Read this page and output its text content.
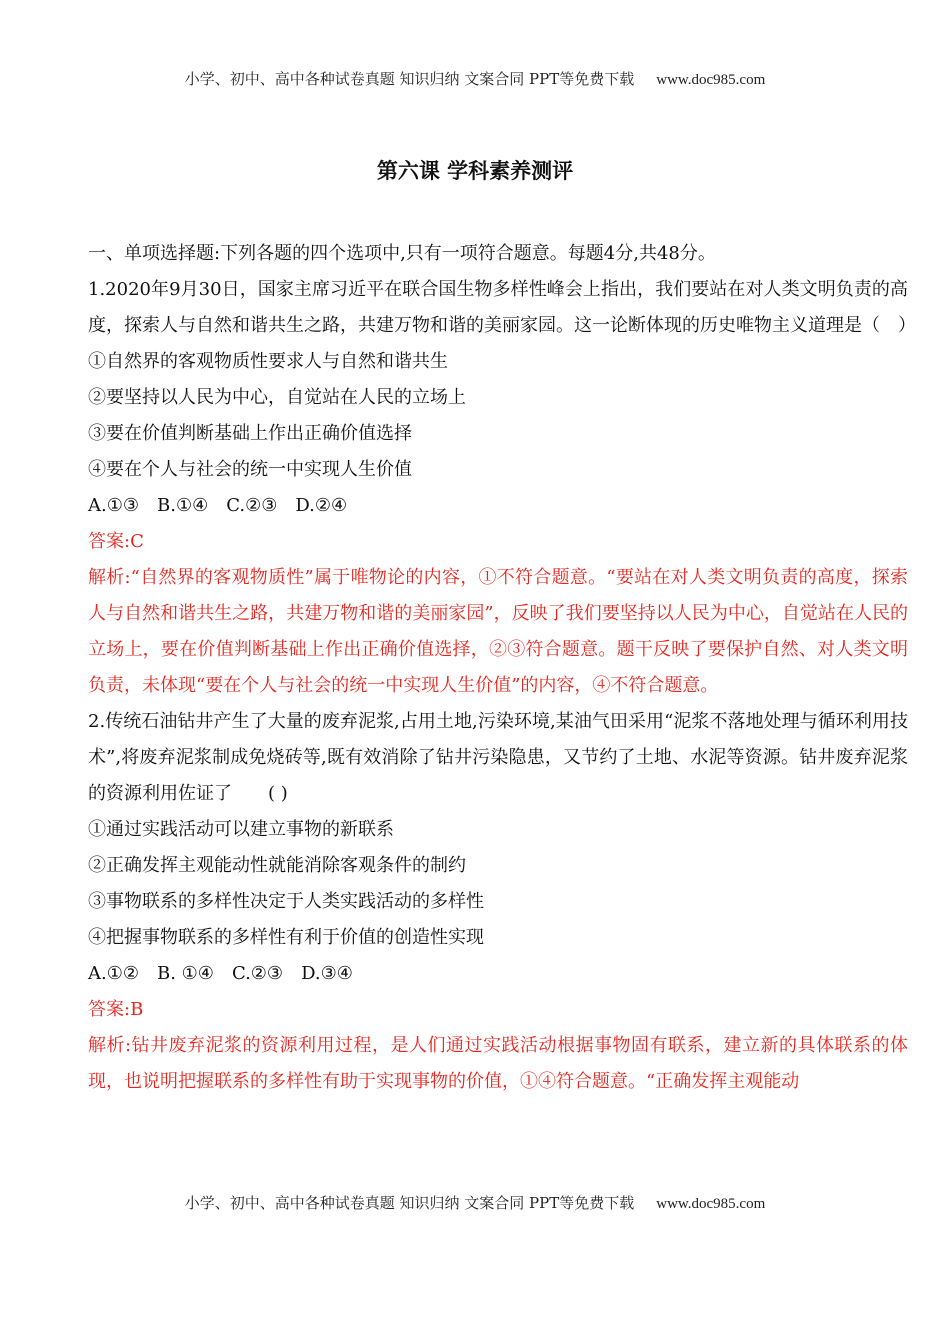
小学、初中、高中各种试卷真题 知识归纳 文案合同 PPT等免费下载 www.doc985.com
第六课 学科素养测评

一、单项选择题:下列各题的四个选项中,只有一项符合题意。每题4分,共48分。

1.2020年9月30日，国家主席习近平在联合国生物多样性峰会上指出，我们要站在对人类文明负责的高度，探索人与自然和谐共生之路，共建万物和谐的美丽家园。这一论断体现的历史唯物主义道理是（　）

①自然界的客观物质性要求人与自然和谐共生

②要坚持以人民为中心，自觉站在人民的立场上

③要在价值判断基础上作出正确价值选择

④要在个人与社会的统一中实现人生价值

A.①③　B.①④　C.②③　D.②④

答案:C

解析:“自然界的客观物质性”属于唯物论的内容，①不符合题意。“要站在对人类文明负责的高度，探索人与自然和谐共生之路，共建万物和谐的美丽家园”，反映了我们要坚持以人民为中心，自觉站在人民的立场上，要在价值判断基础上作出正确价值选择，②③符合题意。题干反映了要保护自然、对人类文明负责，未体现“要在个人与社会的统一中实现人生价值”的内容，④不符合题意。

2.传统石油钻井产生了大量的废弃泥浆,占用土地,污染环境,某油气田采用“泥浆不落地处理与循环利用技术”,将废弃泥浆制成免烧砖等,既有效消除了钻井污染隐患，又节约了土地、水泥等资源。钻井废弃泥浆的资源利用佐证了　　( )

①通过实践活动可以建立事物的新联系

②正确发挥主观能动性就能消除客观条件的制约

③事物联系的多样性决定于人类实践活动的多样性

④把握事物联系的多样性有利于价值的创造性实现

A.①②　B. ①④　C.②③　D.③④

答案:B

解析:钻井废弃泥浆的资源利用过程，是人们通过实践活动根据事物固有联系，建立新的具体联系的体现，也说明把握联系的多样性有助于实现事物的价值，①④符合题意。“正确发挥主观能动

小学、初中、高中各种试卷真题 知识归纳 文案合同 PPT等免费下载 www.doc985.com
